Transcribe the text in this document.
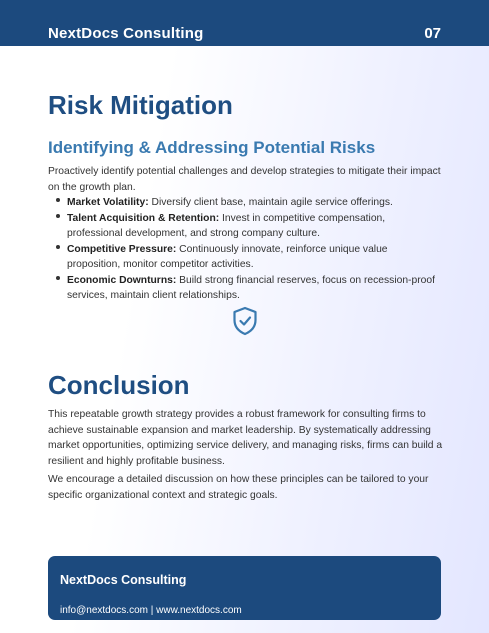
NextDocs Consulting	07
Risk Mitigation
Identifying & Addressing Potential Risks

Proactively identify potential challenges and develop strategies to mitigate their impact on the growth plan.

Market Volatility: Diversify client base, maintain agile service offerings.
Talent Acquisition & Retention: Invest in competitive compensation, professional development, and strong company culture.
Competitive Pressure: Continuously innovate, reinforce unique value proposition, monitor competitor activities.
Economic Downturns: Build strong financial reserves, focus on recession-proof services, maintain client relationships.
Conclusion

This repeatable growth strategy provides a robust framework for consulting firms to achieve sustainable expansion and market leadership. By systematically addressing market opportunities, optimizing service delivery, and managing risks, firms can build a resilient and highly profitable business.

We encourage a detailed discussion on how these principles can be tailored to your specific organizational context and strategic goals.

NextDocs Consulting
info@nextdocs.com | www.nextdocs.com
